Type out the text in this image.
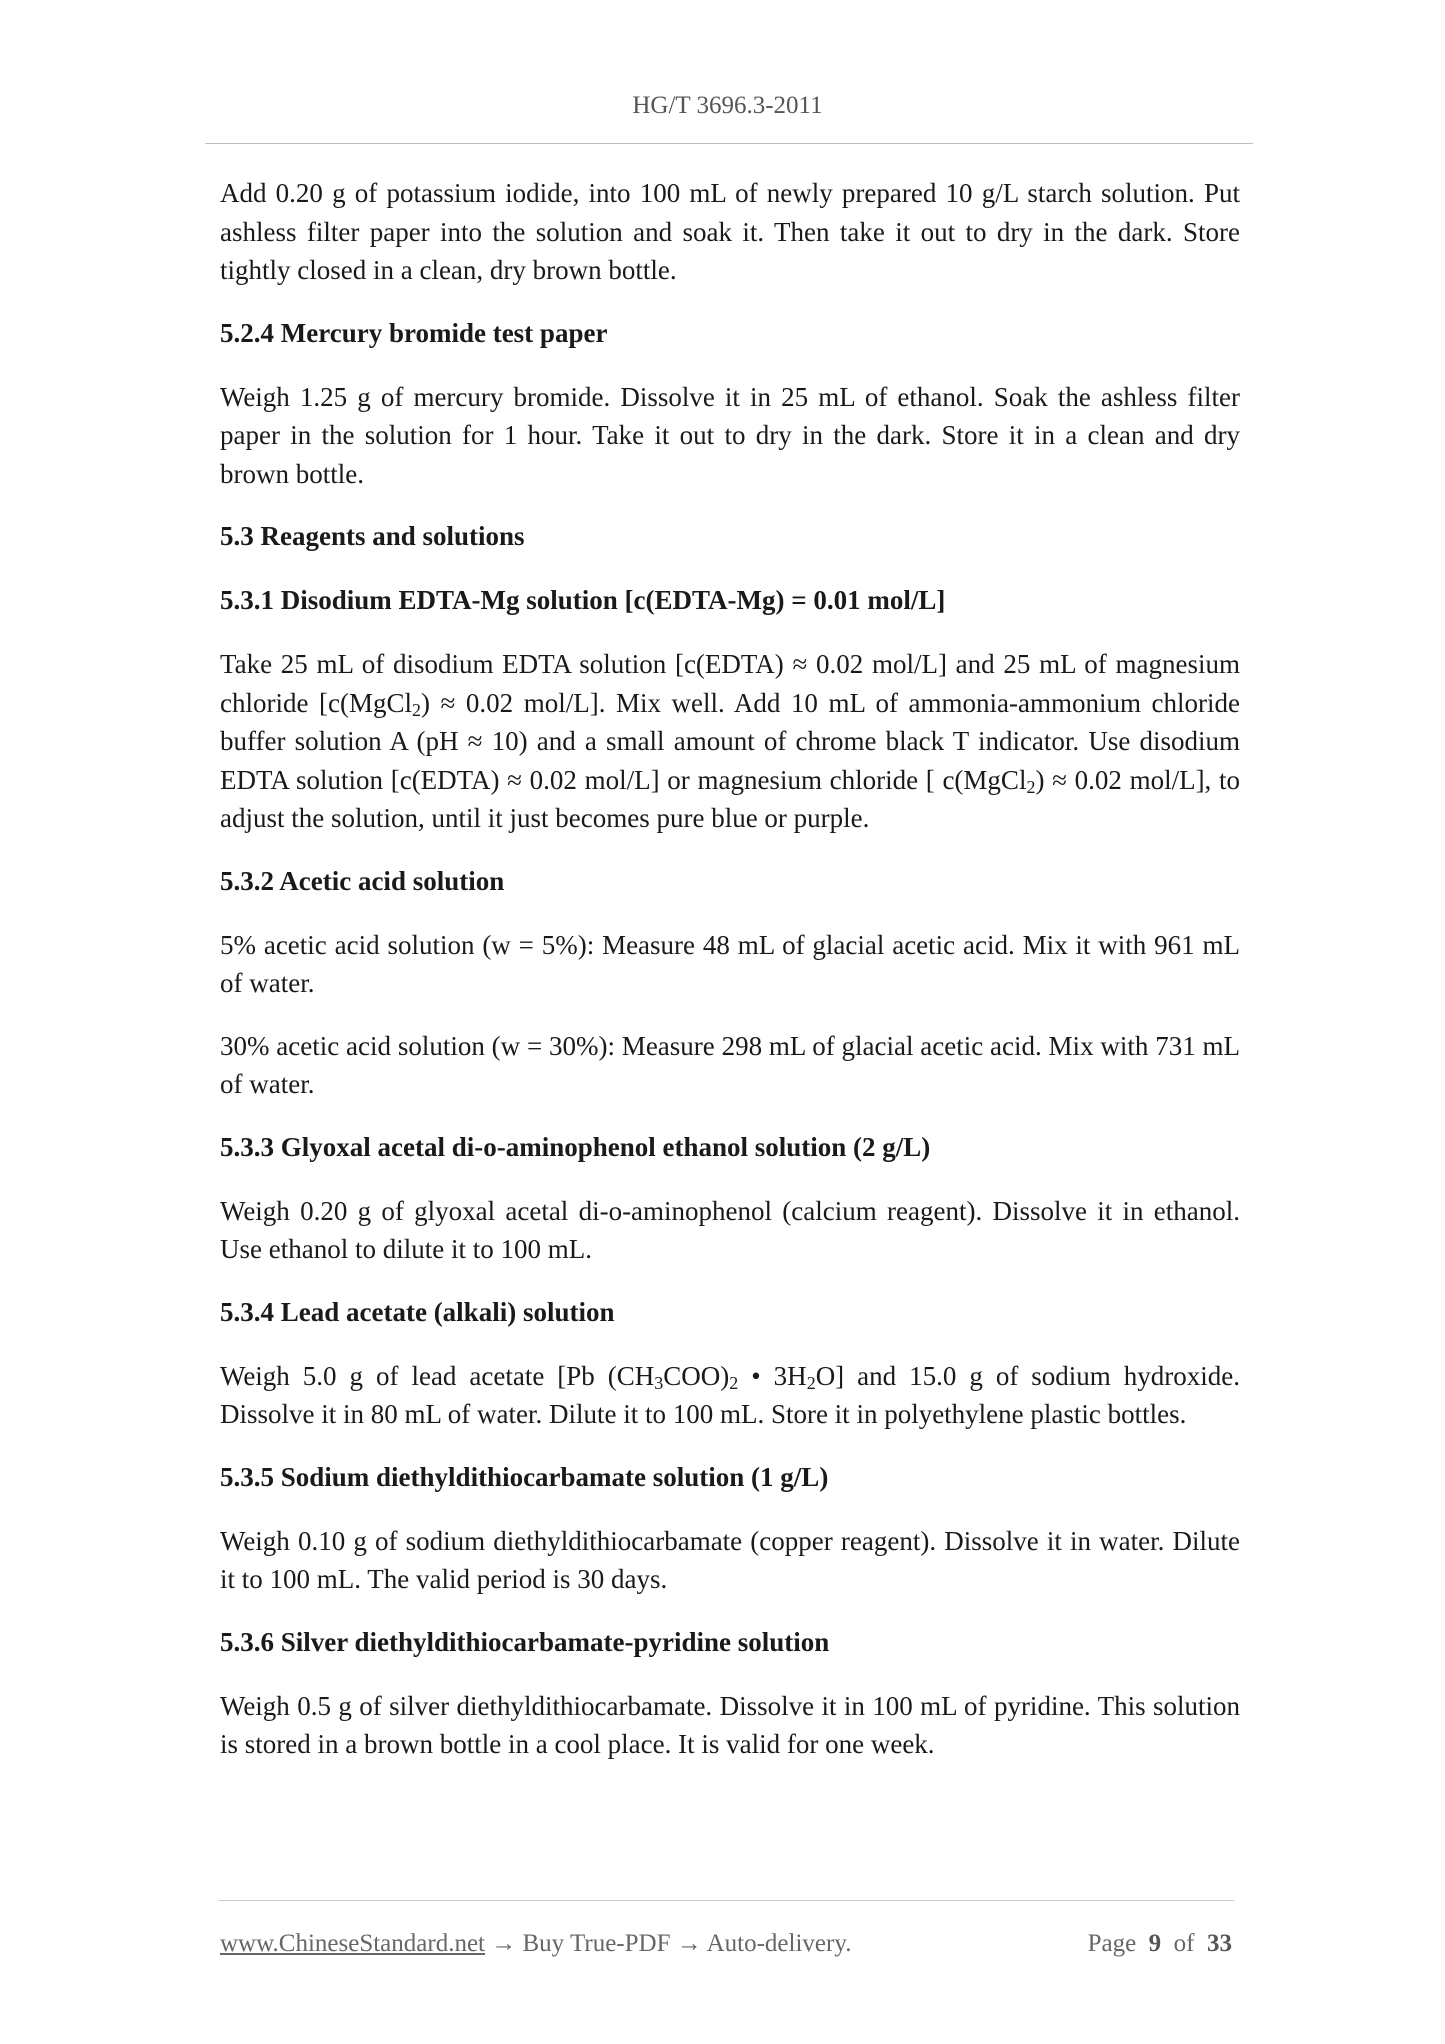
HG/T 3696.3-2011

Add 0.20 g of potassium iodide, into 100 mL of newly prepared 10 g/L starch solution. Put ashless filter paper into the solution and soak it. Then take it out to dry in the dark. Store tightly closed in a clean, dry brown bottle.

5.2.4 Mercury bromide test paper

Weigh 1.25 g of mercury bromide. Dissolve it in 25 mL of ethanol. Soak the ashless filter paper in the solution for 1 hour. Take it out to dry in the dark. Store it in a clean and dry brown bottle.

5.3 Reagents and solutions

5.3.1 Disodium EDTA-Mg solution [c(EDTA-Mg) = 0.01 mol/L]

Take 25 mL of disodium EDTA solution [c(EDTA) ≈ 0.02 mol/L] and 25 mL of magnesium chloride [c(MgCl$_2$) ≈ 0.02 mol/L]. Mix well. Add 10 mL of ammonia-ammonium chloride buffer solution A (pH ≈ 10) and a small amount of chrome black T indicator. Use disodium EDTA solution [c(EDTA) ≈ 0.02 mol/L] or magnesium chloride [ c(MgCl$_2$) ≈ 0.02 mol/L], to adjust the solution, until it just becomes pure blue or purple.

5.3.2 Acetic acid solution

5% acetic acid solution (w = 5%): Measure 48 mL of glacial acetic acid. Mix it with 961 mL of water.

30% acetic acid solution (w = 30%): Measure 298 mL of glacial acetic acid. Mix with 731 mL of water.

5.3.3 Glyoxal acetal di-o-aminophenol ethanol solution (2 g/L)

Weigh 0.20 g of glyoxal acetal di-o-aminophenol (calcium reagent). Dissolve it in ethanol. Use ethanol to dilute it to 100 mL.

5.3.4 Lead acetate (alkali) solution

Weigh 5.0 g of lead acetate [Pb $(CH_3COO)_2$ • $3H_2O$] and 15.0 g of sodium hydroxide. Dissolve it in 80 mL of water. Dilute it to 100 mL. Store it in polyethylene plastic bottles.

5.3.5 Sodium diethyldithiocarbamate solution (1 g/L)

Weigh 0.10 g of sodium diethyldithiocarbamate (copper reagent). Dissolve it in water. Dilute it to 100 mL. The valid period is 30 days.

5.3.6 Silver diethyldithiocarbamate-pyridine solution

Weigh 0.5 g of silver diethyldithiocarbamate. Dissolve it in 100 mL of pyridine. This solution is stored in a brown bottle in a cool place. It is valid for one week.

www.ChineseStandard.net → Buy True-PDF → Auto-delivery.	Page 9 of 33
